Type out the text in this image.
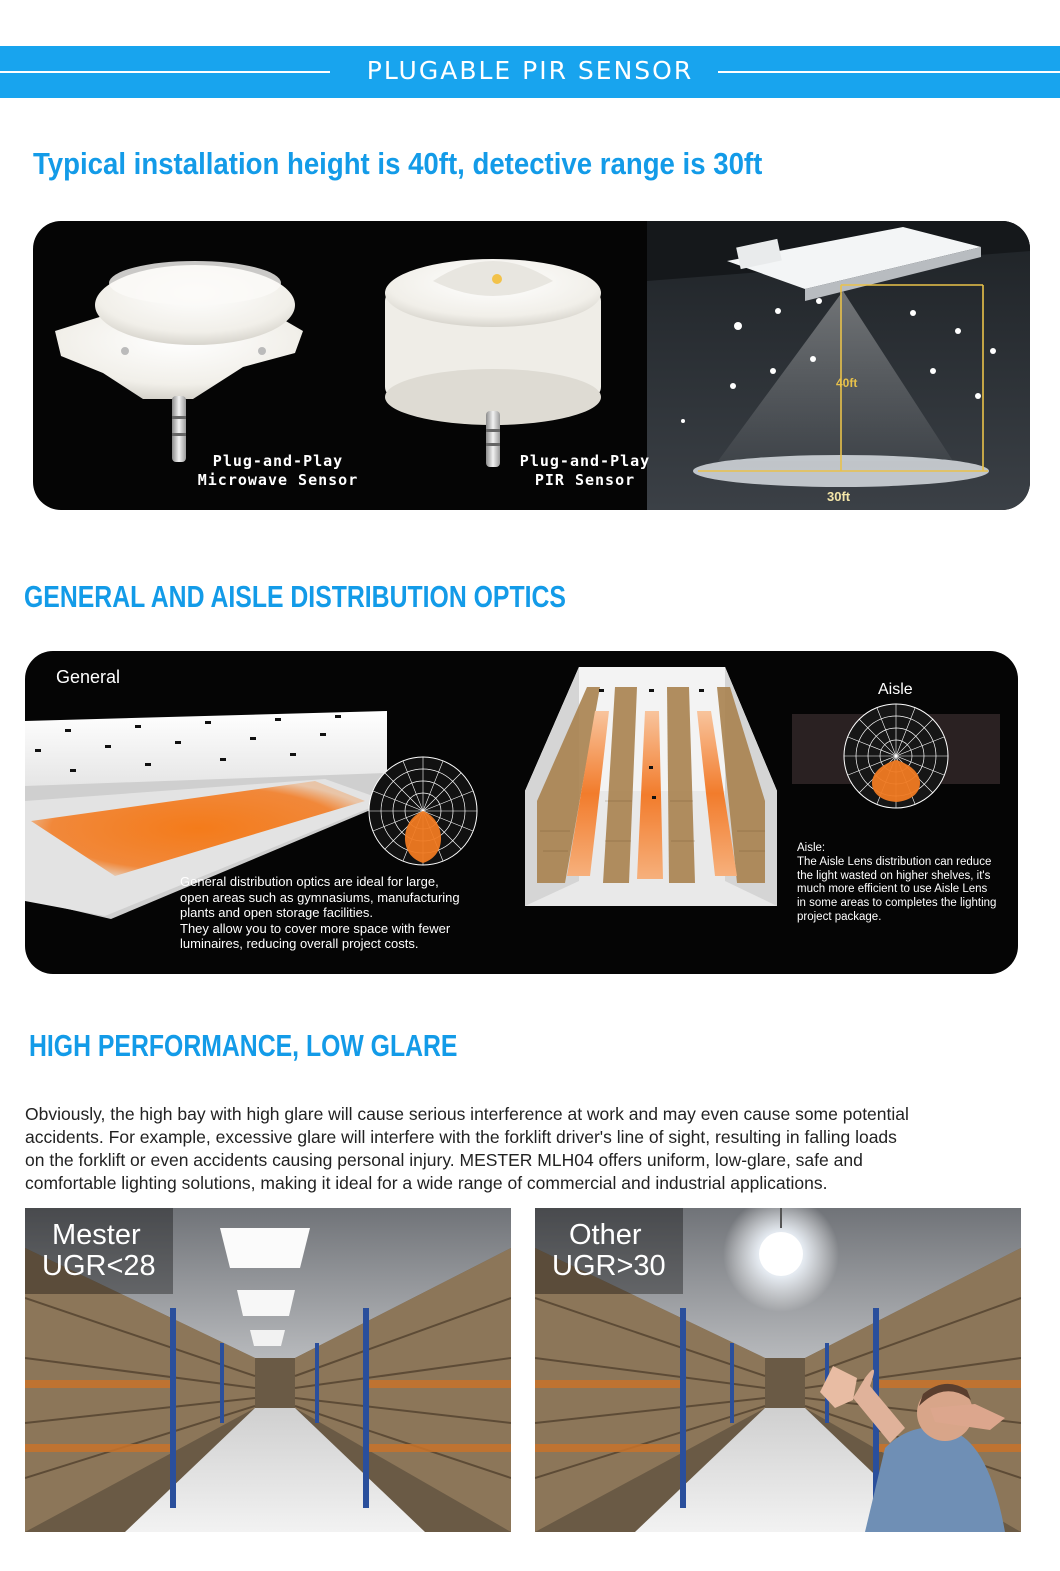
PLUGABLE PIR SENSOR
Typical installation height is 40ft, detective range is 30ft
40ft
30ft
Plug-and-Play
Microwave Sensor
Plug-and-Play
PIR Sensor
GENERAL AND AISLE DISTRIBUTION OPTICS
General
Aisle
General distribution optics are ideal for large,
open areas such as gymnasiums, manufacturing
plants and open storage facilities.
They allow you to cover more space with fewer
luminaires, reducing overall project costs.
Aisle:
The Aisle Lens distribution can reduce
the light wasted on higher shelves, it's
much more efficient to use Aisle Lens
in some areas to completes the lighting
project package.
HIGH PERFORMANCE, LOW GLARE
Obviously, the high bay with high glare will cause serious interference at work and may even cause some potential
accidents. For example, excessive glare will interfere with the forklift driver's line of sight, resulting in falling loads
on the forklift or even accidents causing personal injury. MESTER MLH04 offers uniform, low-glare, safe and
comfortable lighting solutions, making it ideal for a wide range of commercial and industrial applications.
Mester
UGR<28
Other
UGR>30
